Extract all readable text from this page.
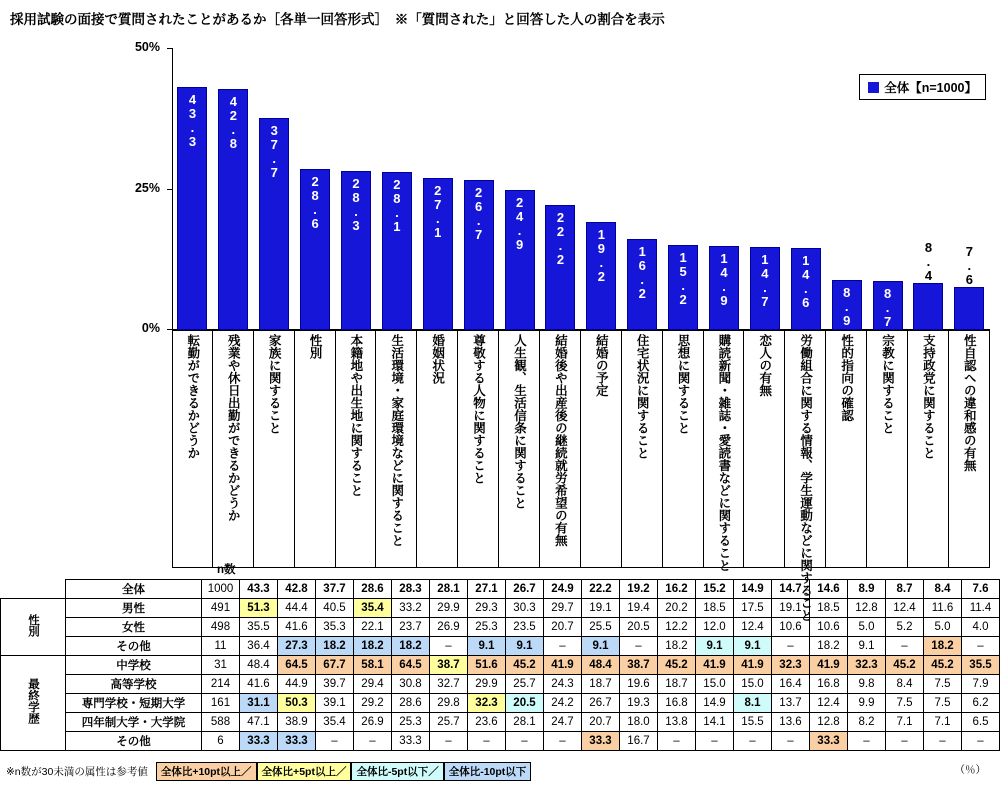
採用試験の面接で質問されたことがあるか［各単一回答形式］　※「質問された」と回答した人の割合を表示
43.3 42.8
37.7
28.6 28.3 28.1 27.1 26.7 24.9 22.2 19.2 16.2 15.2 14.9 14.7 14.6 8.9 8.7
8.4 7.6
50%
25%
0%
全体【n=1000】
転勤ができるかどうか 残業や休日出勤ができるかどうか 家族に関すること 性別 本籍地や出生地に関すること 生活環境・家庭環境などに関すること 婚姻状況 尊敬する人物に関すること 人生観、生活信条に関すること 結婚後や出産後の継続就労希望の有無 結婚の予定 住宅状況に関すること 思想に関すること 購読新聞・雑誌・愛読書などに関すること 恋人の有無 労働組合に関する情報、学生運動などに関すること 性的指向の確認 宗教に関すること 支持政党に関すること 性自認への違和感の有無
		n数																				
	全体	1000	43.3	42.8	37.7	28.6	28.3	28.1	27.1	26.7	24.9	22.2	19.2	16.2	15.2	14.9	14.7	14.6	8.9	8.7	8.4	7.6
性別	男性	491	51.3	44.4	40.5	35.4	33.2	29.9	29.3	30.3	29.7	19.1	19.4	20.2	18.5	17.5	19.1	18.5	12.8	12.4	11.6	11.4
	女性	498	35.5	41.6	35.3	22.1	23.7	26.9	25.3	23.5	20.7	25.5	20.5	12.2	12.0	12.4	10.6	10.6	5.0	5.2	5.0	4.0
	その他	11	36.4	27.3	18.2	18.2	18.2	–	9.1	9.1	–	9.1	–	18.2	9.1	9.1	–	18.2	9.1	–	18.2	–
最終学歴	中学校	31	48.4	64.5	67.7	58.1	64.5	38.7	51.6	45.2	41.9	48.4	38.7	45.2	41.9	41.9	32.3	41.9	32.3	45.2	45.2	35.5
	高等学校	214	41.6	44.9	39.7	29.4	30.8	32.7	29.9	25.7	24.3	18.7	19.6	18.7	15.0	15.0	16.4	16.8	9.8	8.4	7.5	7.9
	専門学校・短期大学	161	31.1	50.3	39.1	29.2	28.6	29.8	32.3	20.5	24.2	26.7	19.3	16.8	14.9	8.1	13.7	12.4	9.9	7.5	7.5	6.2
	四年制大学・大学院	588	47.1	38.9	35.4	26.9	25.3	25.7	23.6	28.1	24.7	20.7	18.0	13.8	14.1	15.5	13.6	12.8	8.2	7.1	7.1	6.5
	その他	6	33.3	33.3	–	–	33.3	–	–	–	–	33.3	16.7	–	–	–	–	33.3	–	–	–	–
※n数が30未満の属性は参考値	全体比+10pt以上／ 全体比+5pt以上／ 全体比-5pt以下／ 全体比-10pt以下	（％）
